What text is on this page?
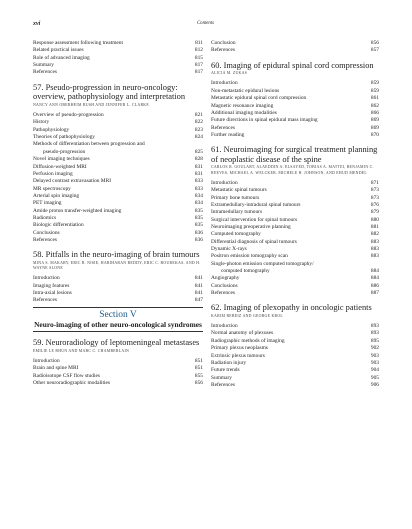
xvi	Contents
Response assessment following treatment	811
Related practical issues	812
Role of advanced imaging	815
Summary	817
References	817
57. Pseudo-progression in neuro-oncology: overview, pathophysiology and interpretation
NANCY ANN OBERHEIM BUSH AND JENNIFER L. CLARKE
Overview of pseudo-progression	821
History	822
Pathophysiology	823
Theories of pathophysiology	824
Methods of differentiation between progression and
pseudo-progression	825
Novel imaging techniques	828
Diffusion-weighted MRI	831
Perfusion imaging	831
Delayed contrast extravasation MRI	833
MR spectroscopy	833
Arterial spin imaging	834
PET imaging	834
Amide proton transfer-weighted imaging	835
Radiomics	835
Biologic differentiation	835
Conclusions	836
References	836
58. Pitfalls in the neuro-imaging of brain tumours
MINA S. MAKARY, ERIC R. NISIE, HARIHARAN REDDY, ERIC C. BOUREKAS, AND H. WAYNE SLONE
Introduction	841
Imaging features	841
Intra-axial lesions	841
References	847
Section V
Neuro-imaging of other neuro-oncological syndromes
59. Neuroradiology of leptomeningeal metastases
EMILIE LE RHUN AND MARC C. CHAMBERLAIN
Introduction	851
Brain and spine MRI	851
Radioisotope CSF flow studies	855
Other neuroradiographic modalities	856
Conclusion	856
References	857
60. Imaging of epidural spinal cord compression
ALICIA M. ZUKAS
Introduction	859
Non-metastatic epidural lesions	859
Metastatic epidural spinal cord compression	861
Magnetic resonance imaging	862
Additional imaging modalities	866
Future directions in spinal epidural mass imaging	869
References	869
Further reading	870
61. Neuroimaging for surgical treatment planning of neoplastic disease of the spine
CARLOS R. GOULART, ALAEDDIN A. ELSAYED, TOBIAS A. MATTEI, BENJAMIN C. REEVES, MICHAEL A. WELCKER, MICHELE H. JOHNSON, AND EHUD MENDEL
Introduction	871
Metastatic spinal tumours	873
Primary bone tumours	873
Extramedullary-intradural spinal tumours	876
Intramedullary tumours	879
Surgical intervention for spinal tumours	880
Neuroimaging preoperative planning	881
Computed tomography	882
Differential diagnosis of spinal tumours	883
Dynamic X-rays	883
Positron emission tomography scan	883
Single-photon emission computed tomography/
computed tomography	884
Angiography	884
Conclusions	886
References	887
62. Imaging of plexopathy in oncologic patients
KARIM REBEIZ AND GEORGE KROL
Introduction	893
Normal anatomy of plexuses	893
Radiographic methods of imaging	895
Primary plexus neoplasms	902
Extrinsic plexus tumours	903
Radiation injury	903
Future trends	904
Summary	905
References	906
